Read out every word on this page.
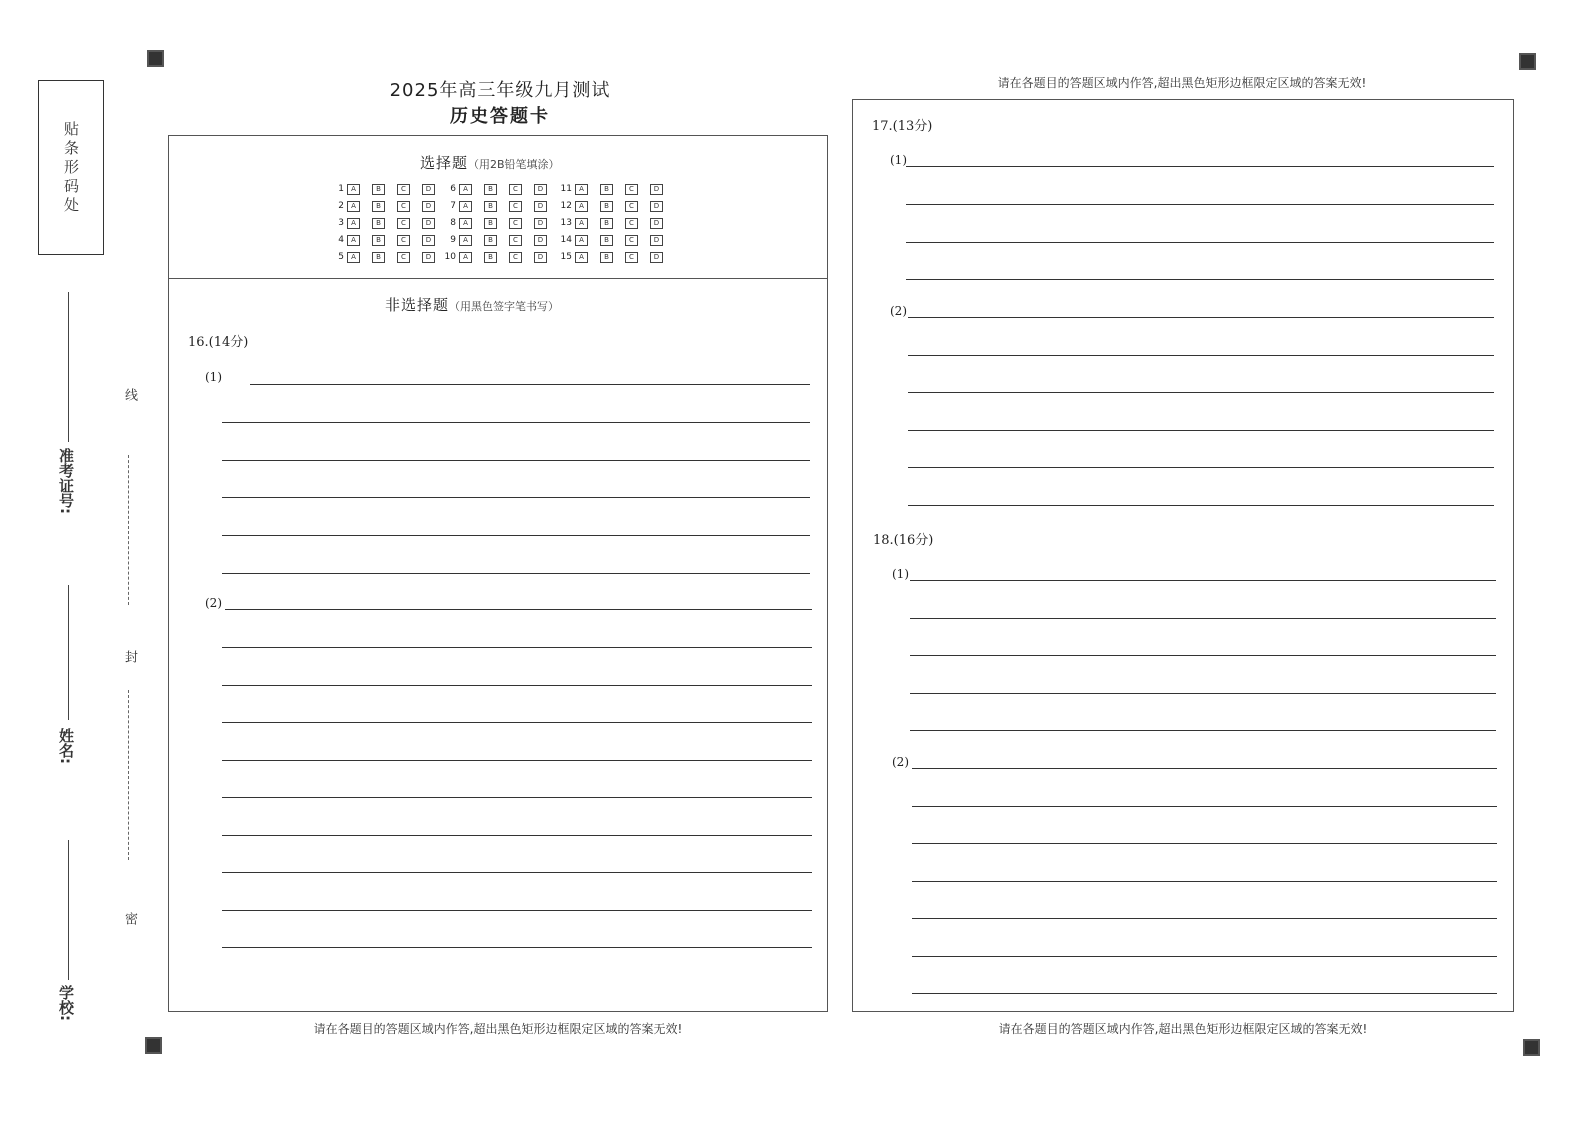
贴条形码处
准考证号:
姓名:
学校:
线
封
密
2025年高三年级九月测试
历史答题卡
选择题（用2B铅笔填涂）
1	A	B	C	D
2	A	B	C	D
3	A	B	C	D
4	A	B	C	D
5	A	B	C	D
6	A	B	C	D
7	A	B	C	D
8	A	B	C	D
9	A	B	C	D
10	A	B	C	D
11	A	B	C	D
12	A	B	C	D
13	A	B	C	D
14	A	B	C	D
15	A	B	C	D
非选择题（用黑色签字笔书写）
16.(14分)
(1)
(2)
请在各题目的答题区域内作答,超出黑色矩形边框限定区域的答案无效!
请在各题目的答题区域内作答,超出黑色矩形边框限定区域的答案无效!
17.(13分)
(1)
(2)
18.(16分)
(1)
(2)
请在各题目的答题区域内作答,超出黑色矩形边框限定区域的答案无效!
